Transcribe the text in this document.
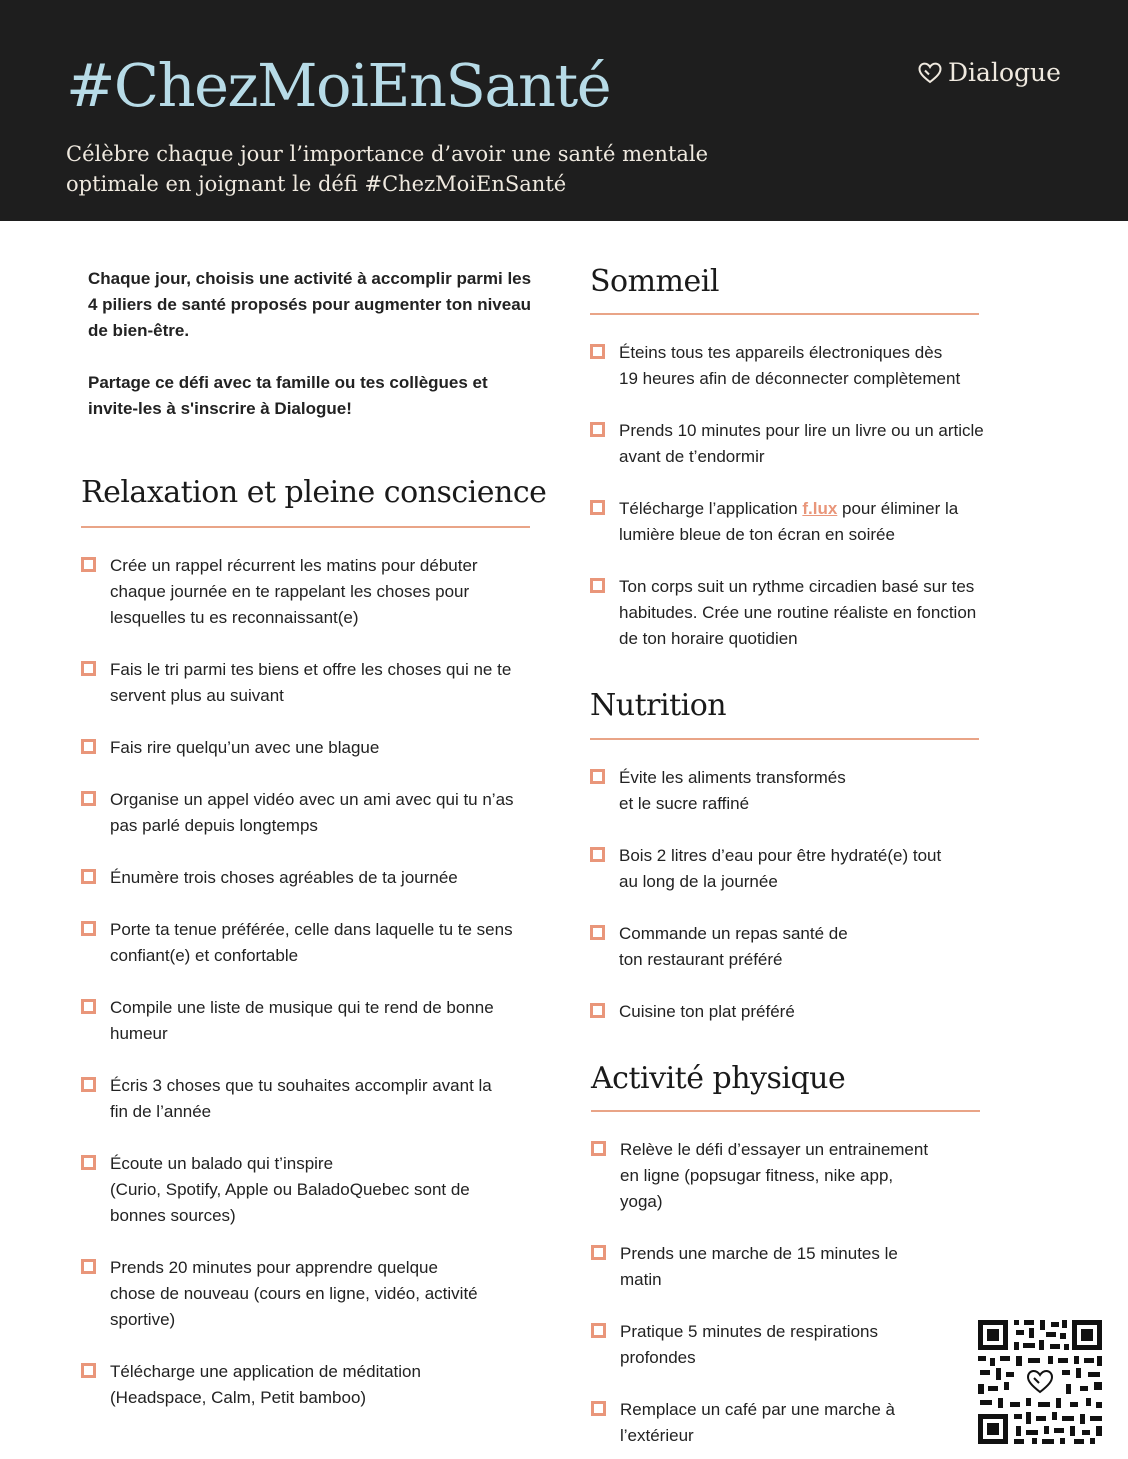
#ChezMoiEnSanté

Célèbre chaque jour l’importance d’avoir une santé mentale
optimale en joignant le défi #ChezMoiEnSanté

Dialogue

Chaque jour, choisis une activité à accomplir parmi les 4 piliers de santé proposés pour augmenter ton niveau de bien-être.

Partage ce défi avec ta famille ou tes collègues et invite-les à s'inscrire à Dialogue!

Relaxation et pleine conscience
Crée un rappel récurrent les matins pour débuter
chaque journée en te rappelant les choses pour
lesquelles tu es reconnaissant(e)
Fais le tri parmi tes biens et offre les choses qui ne te
servent plus au suivant
Fais rire quelqu’un avec une blague
Organise un appel vidéo avec un ami avec qui tu n’as
pas parlé depuis longtemps
Énumère trois choses agréables de ta journée
Porte ta tenue préférée, celle dans laquelle tu te sens
confiant(e) et confortable
Compile une liste de musique qui te rend de bonne
humeur
Écris 3 choses que tu souhaites accomplir avant la
fin de l’année
Écoute un balado qui t’inspire
(Curio, Spotify, Apple ou BaladoQuebec sont de
bonnes sources)
Prends 20 minutes pour apprendre quelque
chose de nouveau (cours en ligne, vidéo, activité
sportive)
Télécharge une application de méditation
(Headspace, Calm, Petit bamboo)
Sommeil
Éteins tous tes appareils électroniques dès
19 heures afin de déconnecter complètement
Prends 10 minutes pour lire un livre ou un article
avant de t’endormir
Télécharge l’application f.lux pour éliminer la
lumière bleue de ton écran en soirée
Ton corps suit un rythme circadien basé sur tes
habitudes. Crée une routine réaliste en fonction
de ton horaire quotidien
Nutrition
Évite les aliments transformés
et le sucre raffiné
Bois 2 litres d’eau pour être hydraté(e) tout
au long de la journée
Commande un repas santé de
ton restaurant préféré
Cuisine ton plat préféré
Activité physique
Relève le défi d’essayer un entrainement
en ligne (popsugar fitness, nike app,
yoga)
Prends une marche de 15 minutes le
matin
Pratique 5 minutes de respirations
profondes
Remplace un café par une marche à
l’extérieur
